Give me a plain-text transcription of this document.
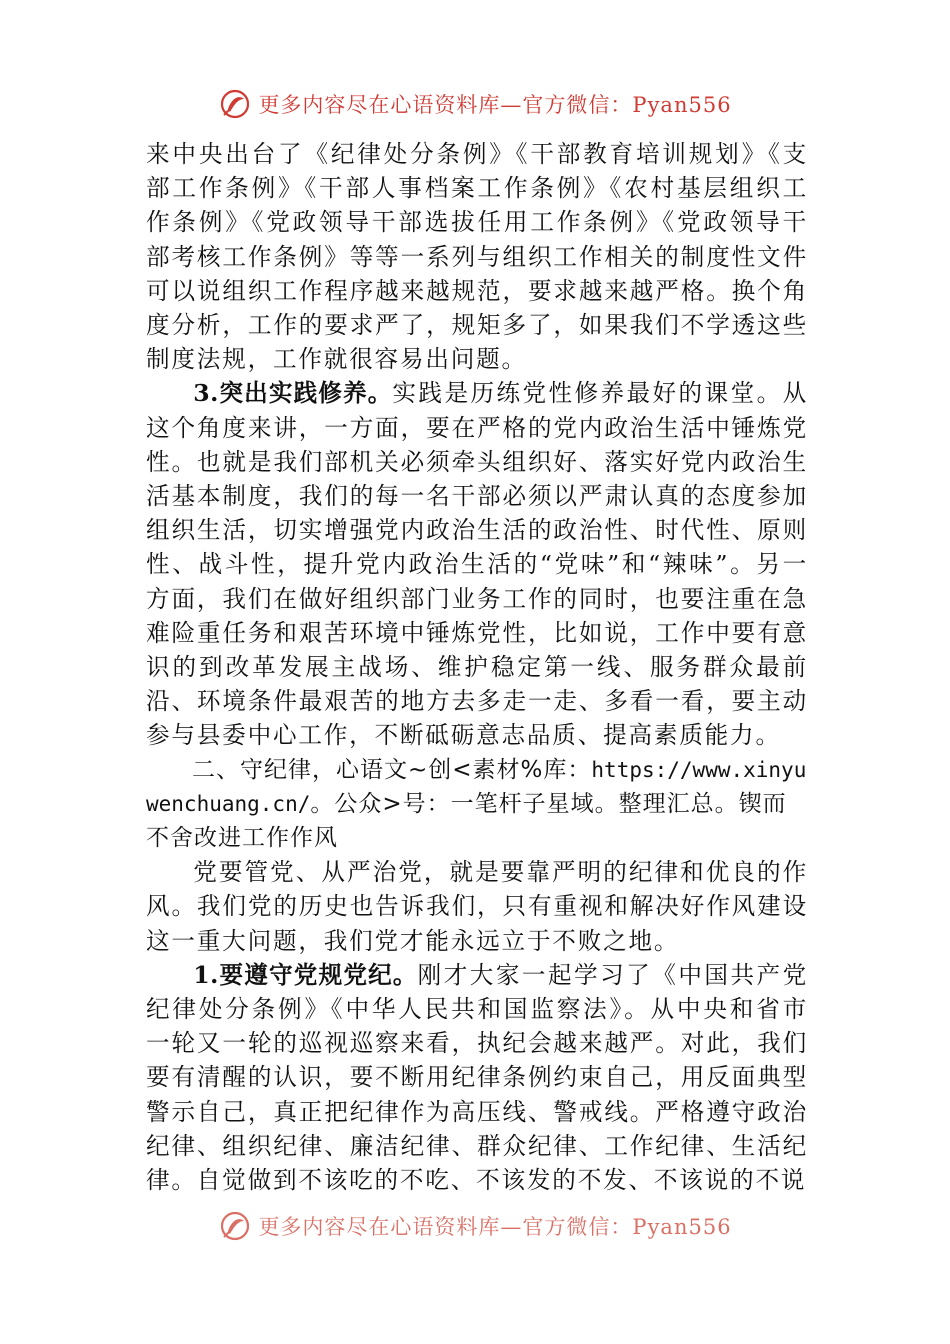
更多内容尽在心语资料库—官方微信：Pyan556

来中央出台了《纪律处分条例》《干部教育培训规划》《支部工作条例》《干部人事档案工作条例》《农村基层组织工作条例》《党政领导干部选拔任用工作条例》《党政领导干部考核工作条例》等等一系列与组织工作相关的制度性文件可以说组织工作程序越来越规范，要求越来越严格。换个角度分析，工作的要求严了，规矩多了，如果我们不学透这些制度法规，工作就很容易出问题。

3.突出实践修养。实践是历练党性修养最好的课堂。从这个角度来讲，一方面，要在严格的党内政治生活中锤炼党性。也就是我们部机关必须牵头组织好、落实好党内政治生活基本制度，我们的每一名干部必须以严肃认真的态度参加组织生活，切实增强党内政治生活的政治性、时代性、原则性、战斗性，提升党内政治生活的“党味”和“辣味”。另一方面，我们在做好组织部门业务工作的同时，也要注重在急难险重任务和艰苦环境中锤炼党性，比如说，工作中要有意识的到改革发展主战场、维护稳定第一线、服务群众最前沿、环境条件最艰苦的地方去多走一走、多看一看，要主动参与县委中心工作，不断砥砺意志品质、提高素质能力。

二、守纪律，心语文~创<素材%库：https://www.xinyuwenchuang.cn/。公众>号：一笔杆子星域。整理汇总。锲而不舍改进工作作风

党要管党、从严治党，就是要靠严明的纪律和优良的作风。我们党的历史也告诉我们，只有重视和解决好作风建设这一重大问题，我们党才能永远立于不败之地。

1.要遵守党规党纪。刚才大家一起学习了《中国共产党纪律处分条例》《中华人民共和国监察法》。从中央和省市一轮又一轮的巡视巡察来看，执纪会越来越严。对此，我们要有清醒的认识，要不断用纪律条例约束自己，用反面典型警示自己，真正把纪律作为高压线、警戒线。严格遵守政治纪律、组织纪律、廉洁纪律、群众纪律、工作纪律、生活纪律。自觉做到不该吃的不吃、不该发的不发、不该说的不说

更多内容尽在心语资料库—官方微信：Pyan556
